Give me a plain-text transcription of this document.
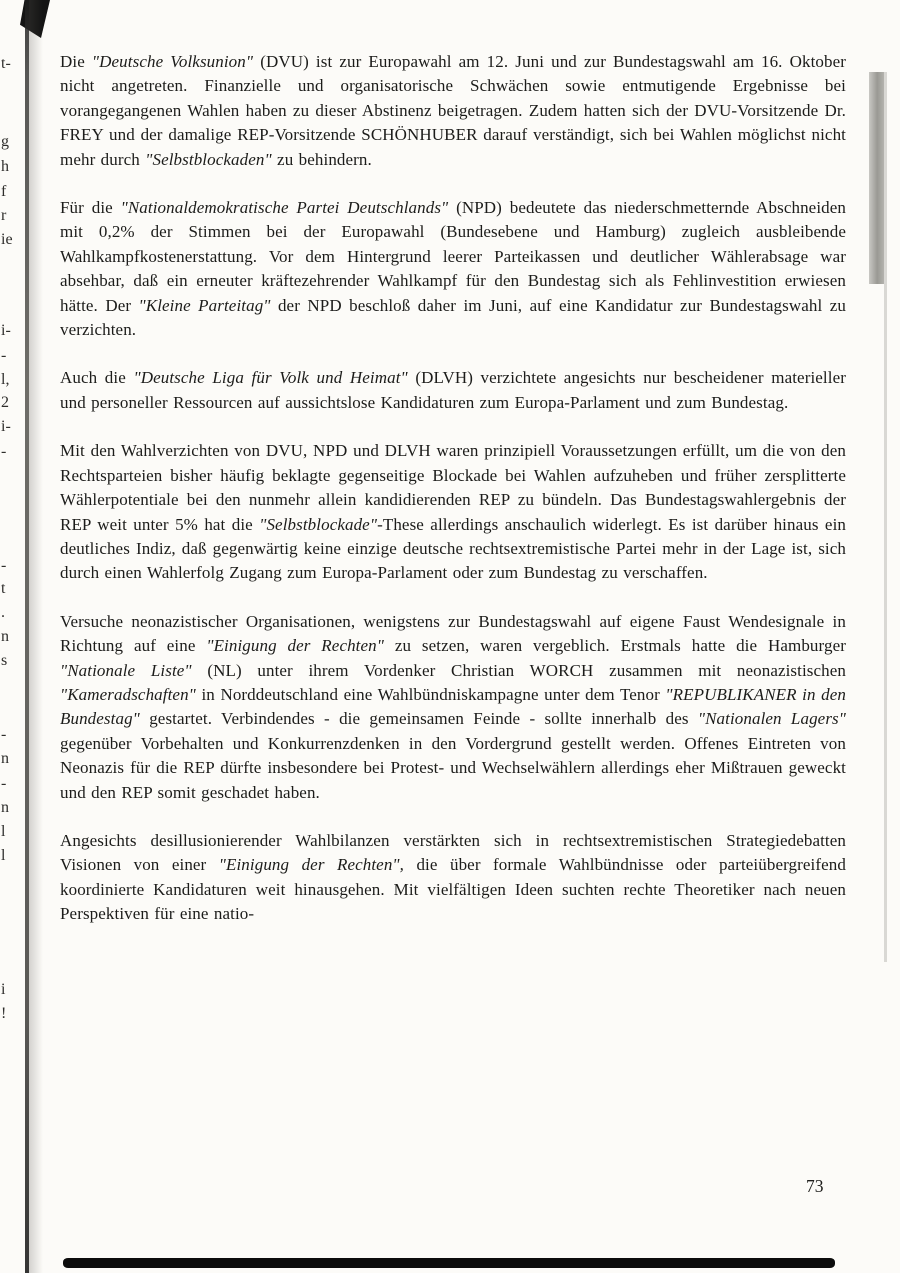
t-
g
h
f
r
ie
i-
-
l,
2
i-
-
-
t
.
n
s
-
n
-
n
l
l
i
!

Die "Deutsche Volksunion" (DVU) ist zur Europawahl am 12. Juni und zur Bundestagswahl am 16. Oktober nicht angetreten. Finanzielle und organisatorische Schwächen sowie entmutigende Ergebnisse bei vorangegangenen Wahlen haben zu dieser Abstinenz beigetragen. Zudem hatten sich der DVU-Vorsitzende Dr. FREY und der damalige REP-Vorsitzende SCHÖNHUBER darauf verständigt, sich bei Wahlen möglichst nicht mehr durch "Selbstblockaden" zu behindern.

Für die "Nationaldemokratische Partei Deutschlands" (NPD) bedeutete das niederschmetternde Abschneiden mit 0,2% der Stimmen bei der Europawahl (Bundesebene und Hamburg) zugleich ausbleibende Wahlkampfkostenerstattung. Vor dem Hintergrund leerer Parteikassen und deutlicher Wählerabsage war absehbar, daß ein erneuter kräftezehrender Wahlkampf für den Bundestag sich als Fehlinvestition erwiesen hätte. Der "Kleine Parteitag" der NPD beschloß daher im Juni, auf eine Kandidatur zur Bundestagswahl zu verzichten.

Auch die "Deutsche Liga für Volk und Heimat" (DLVH) verzichtete angesichts nur bescheidener materieller und personeller Ressourcen auf aussichtslose Kandidaturen zum Europa-Parlament und zum Bundestag.

Mit den Wahlverzichten von DVU, NPD und DLVH waren prinzipiell Voraussetzungen erfüllt, um die von den Rechtsparteien bisher häufig beklagte gegenseitige Blockade bei Wahlen aufzuheben und früher zersplitterte Wählerpotentiale bei den nunmehr allein kandidierenden REP zu bündeln. Das Bundestagswahlergebnis der REP weit unter 5% hat die "Selbstblockade"-These allerdings anschaulich widerlegt. Es ist darüber hinaus ein deutliches Indiz, daß gegenwärtig keine einzige deutsche rechtsextremistische Partei mehr in der Lage ist, sich durch einen Wahlerfolg Zugang zum Europa-Parlament oder zum Bundestag zu verschaffen.

Versuche neonazistischer Organisationen, wenigstens zur Bundestagswahl auf eigene Faust Wendesignale in Richtung auf eine "Einigung der Rechten" zu setzen, waren vergeblich. Erstmals hatte die Hamburger "Nationale Liste" (NL) unter ihrem Vordenker Christian WORCH zusammen mit neonazistischen "Kameradschaften" in Norddeutschland eine Wahlbündniskampagne unter dem Tenor "REPUBLIKANER in den Bundestag" gestartet. Verbindendes - die gemeinsamen Feinde - sollte innerhalb des "Nationalen Lagers" gegenüber Vorbehalten und Konkurrenzdenken in den Vordergrund gestellt werden. Offenes Eintreten von Neonazis für die REP dürfte insbesondere bei Protest- und Wechselwählern allerdings eher Mißtrauen geweckt und den REP somit geschadet haben.

Angesichts desillusionierender Wahlbilanzen verstärkten sich in rechtsextremistischen Strategiedebatten Visionen von einer "Einigung der Rechten", die über formale Wahlbündnisse oder parteiübergreifend koordinierte Kandidaturen weit hinausgehen. Mit vielfältigen Ideen suchten rechte Theoretiker nach neuen Perspektiven für eine natio-

73
